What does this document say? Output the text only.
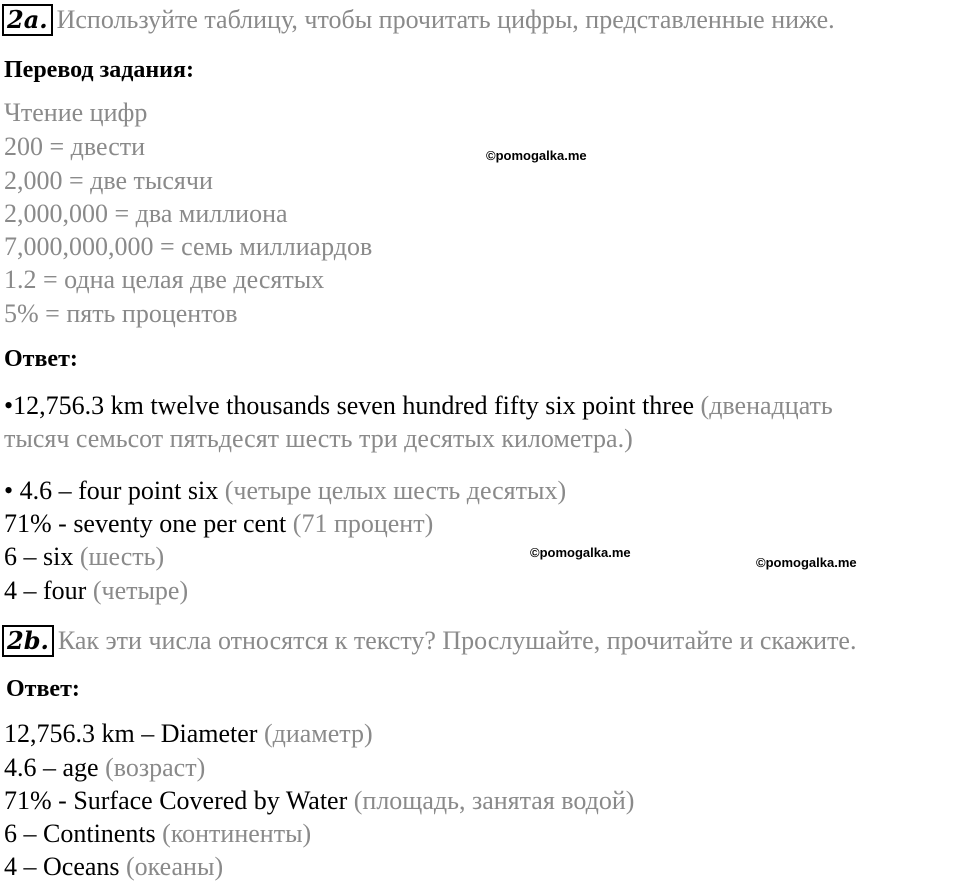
2a. Используйте таблицу, чтобы прочитать цифры, представленные ниже.
Перевод задания:
Чтение цифр
200 = двести
2,000 = две тысячи
2,000,000 = два миллиона
7,000,000,000 = семь миллиардов
1.2 = одна целая две десятых
5% = пять процентов
Ответ:
•12,756.3 km twelve thousands seven hundred fifty six point three (двенадцать
тысяч семьсот пятьдесят шесть три десятых километра.)
• 4.6 – four point six (четыре целых шесть десятых)
71% - seventy one per cent (71 процент)
6 – six (шесть)
4 – four (четыре)
2b. Как эти числа относятся к тексту? Прослушайте, прочитайте и скажите.
Ответ:
12,756.3 km – Diameter (диаметр)
4.6 – age (возраст)
71% - Surface Covered by Water (площадь, занятая водой)
6 – Continents (континенты)
4 – Oceans (океаны)
©pomogalka.me
©pomogalka.me
©pomogalka.me
